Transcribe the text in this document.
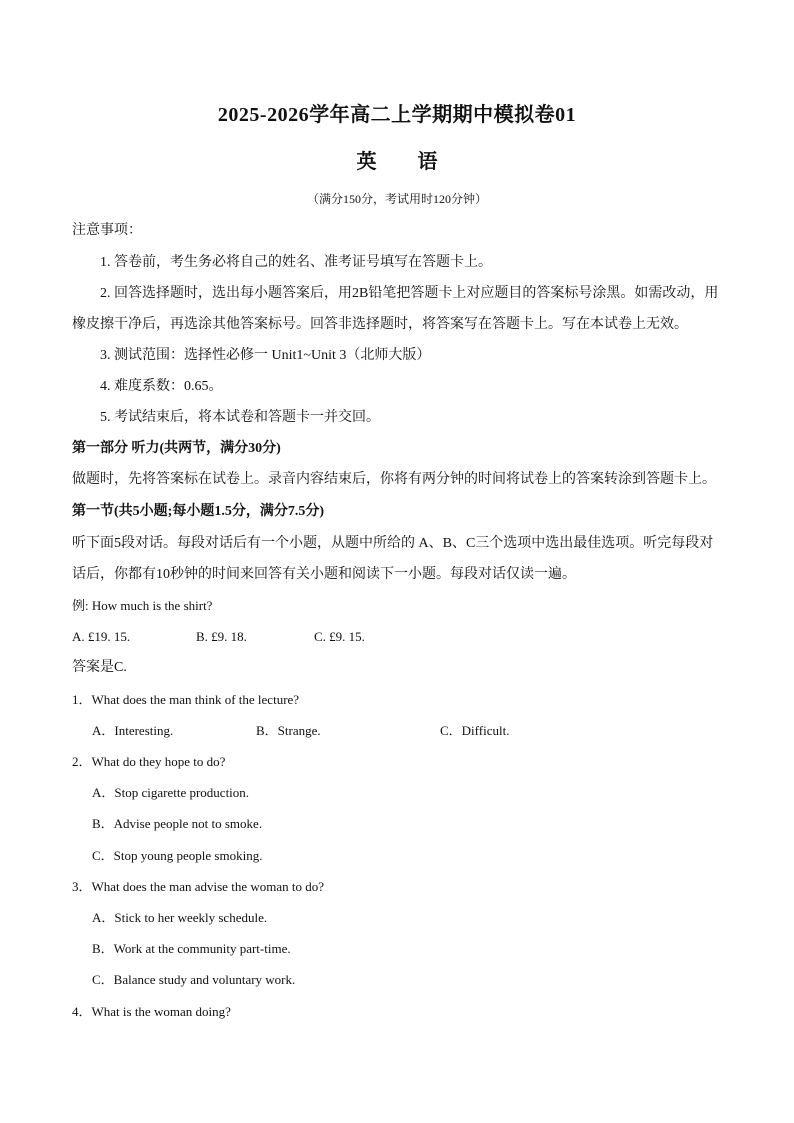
2025-2026学年高二上学期期中模拟卷01
英 语
（满分150分，考试用时120分钟）
注意事项：
1. 答卷前，考生务必将自己的姓名、准考证号填写在答题卡上。
2. 回答选择题时，选出每小题答案后，用2B铅笔把答题卡上对应题目的答案标号涂黑。如需改动，用
橡皮擦干净后，再选涂其他答案标号。回答非选择题时，将答案写在答题卡上。写在本试卷上无效。
3. 测试范围：选择性必修一 Unit1~Unit 3（北师大版）
4. 难度系数：0.65。
5. 考试结束后，将本试卷和答题卡一并交回。
第一部分 听力(共两节，满分30分)
做题时，先将答案标在试卷上。录音内容结束后，你将有两分钟的时间将试卷上的答案转涂到答题卡上。
第一节(共5小题;每小题1.5分，满分7.5分)
听下面5段对话。每段对话后有一个小题，从题中所给的 A、B、C三个选项中选出最佳选项。听完每段对
话后，你都有10秒钟的时间来回答有关小题和阅读下一小题。每段对话仅读一遍。
例: How much is the shirt?
A. £19. 15.	B. £9. 18.	C. £9. 15.
答案是C.
1．What does the man think of the lecture?
A．Interesting.	B．Strange.	C．Difficult.
2．What do they hope to do?
A．Stop cigarette production.
B．Advise people not to smoke.
C．Stop young people smoking.
3．What does the man advise the woman to do?
A．Stick to her weekly schedule.
B．Work at the community part-time.
C．Balance study and voluntary work.
4．What is the woman doing?
